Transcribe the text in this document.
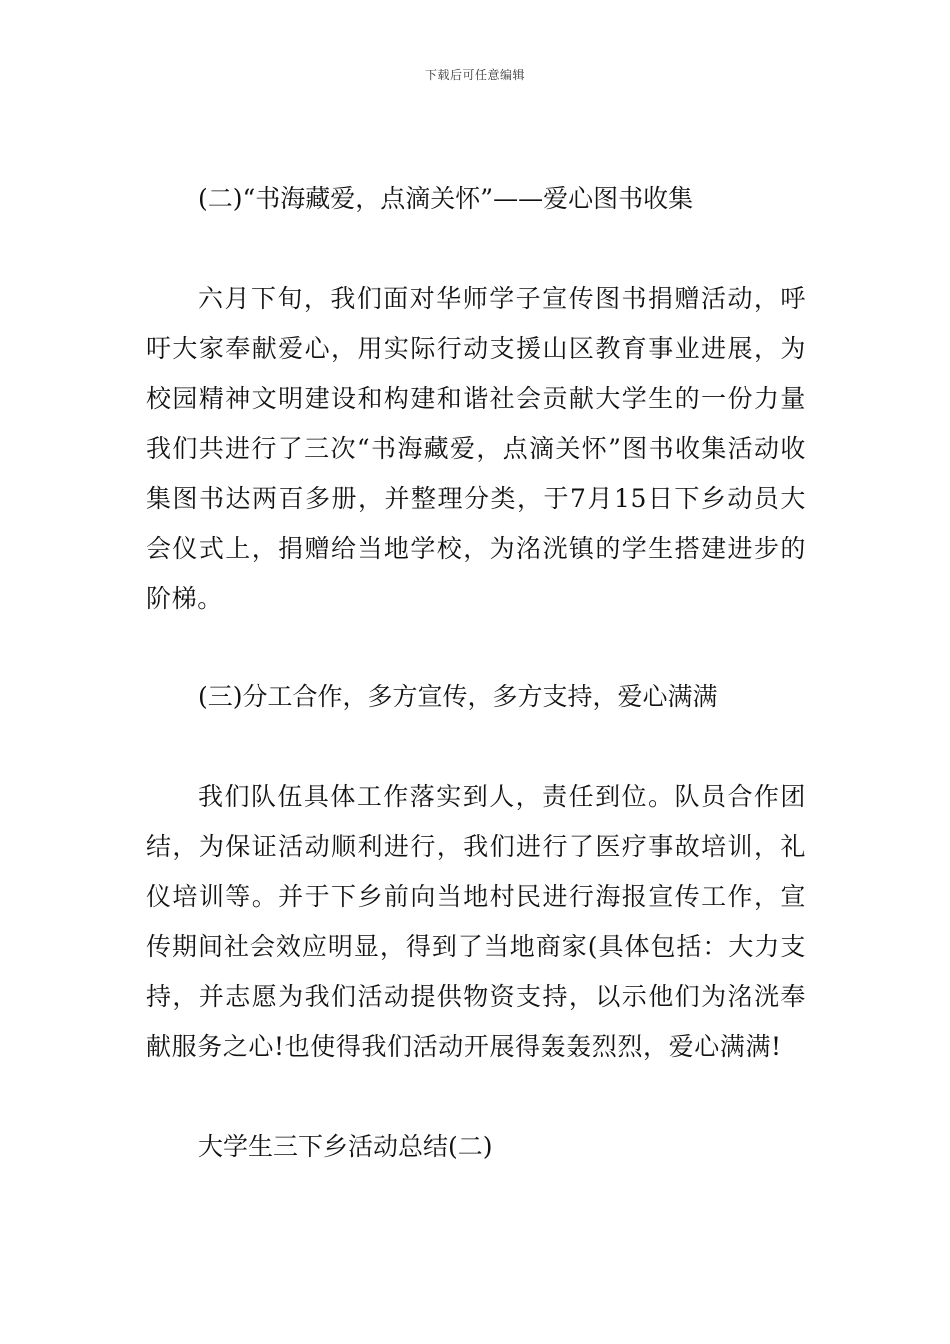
下载后可任意编辑
(二)“书海藏爱，点滴关怀”——爱心图书收集
六月下旬，我们面对华师学子宣传图书捐赠活动，呼吁大家奉献爱心，用实际行动支援山区教育事业进展，为校园精神文明建设和构建和谐社会贡献大学生的一份力量我们共进行了三次“书海藏爱，点滴关怀”图书收集活动收集图书达两百多册，并整理分类，于7月15日下乡动员大会仪式上，捐赠给当地学校，为洺洸镇的学生搭建进步的阶梯。
(三)分工合作，多方宣传，多方支持，爱心满满
我们队伍具体工作落实到人，责任到位。队员合作团结，为保证活动顺利进行，我们进行了医疗事故培训，礼仪培训等。并于下乡前向当地村民进行海报宣传工作，宣传期间社会效应明显，得到了当地商家(具体包括：大力支持，并志愿为我们活动提供物资支持，以示他们为洺洸奉献服务之心!也使得我们活动开展得轰轰烈烈，爱心满满!
大学生三下乡活动总结(二)
